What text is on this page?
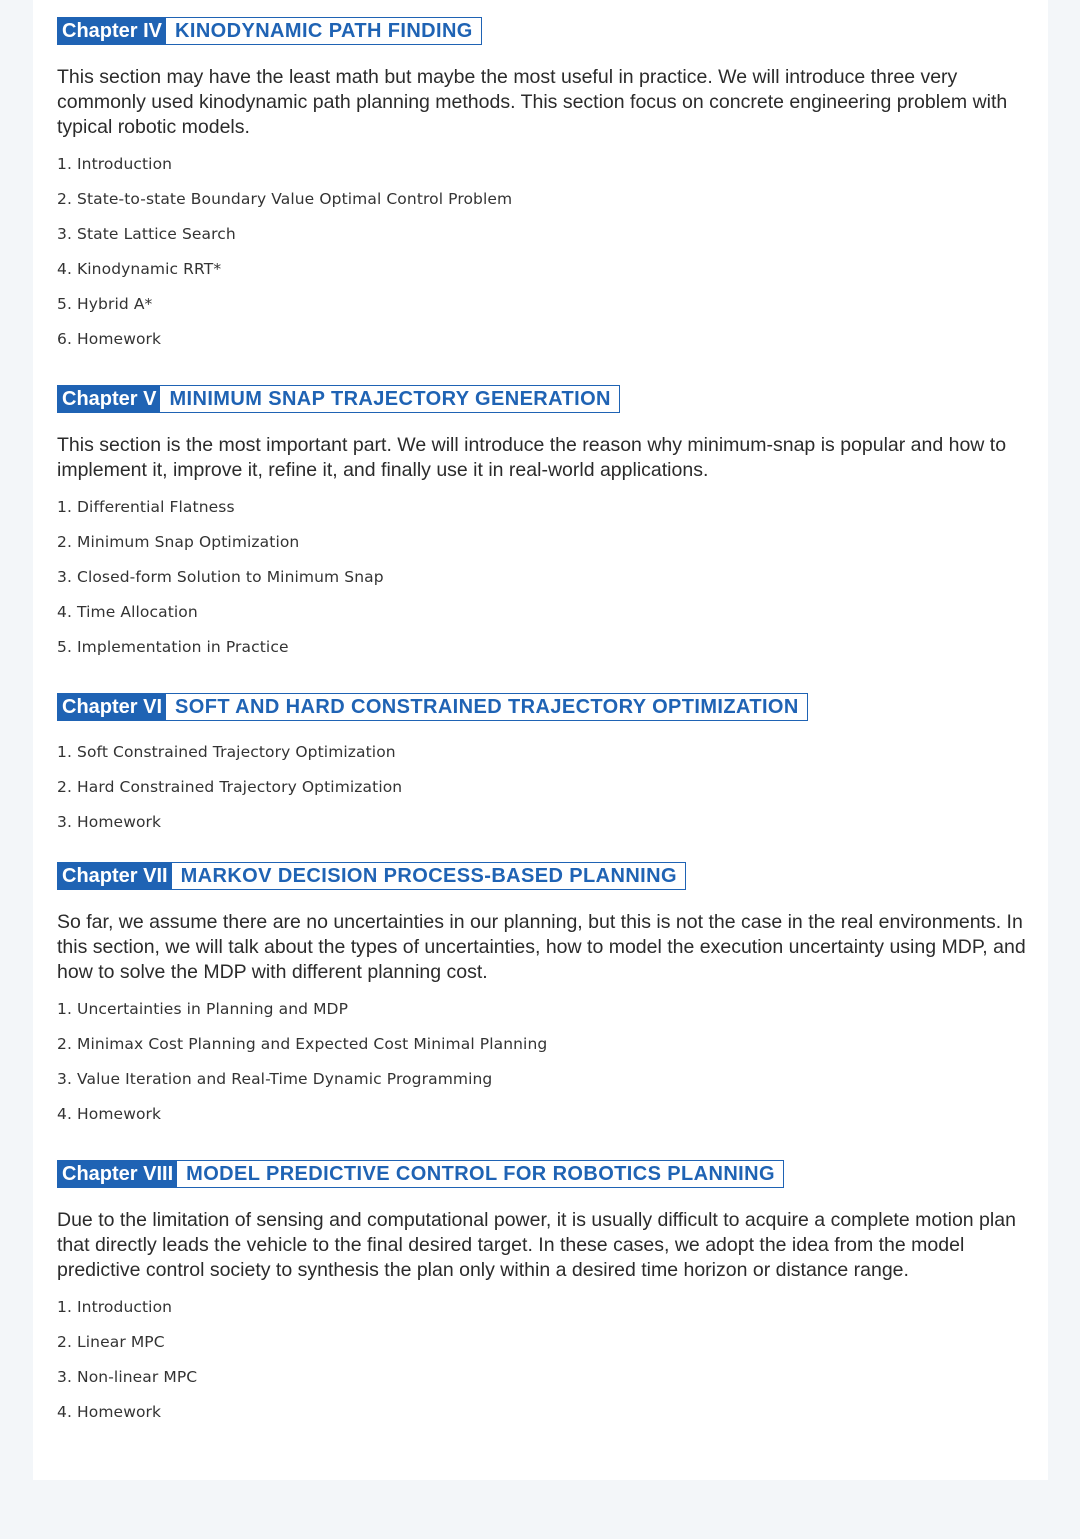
Chapter IV KINODYNAMIC PATH FINDING

This section may have the least math but maybe the most useful in practice. We will introduce three very commonly used kinodynamic path planning methods. This section focus on concrete engineering problem with typical robotic models.

1. Introduction
2. State-to-state Boundary Value Optimal Control Problem
3. State Lattice Search
4. Kinodynamic RRT*
5. Hybrid A*
6. Homework
Chapter V MINIMUM SNAP TRAJECTORY GENERATION

This section is the most important part. We will introduce the reason why minimum-snap is popular and how to implement it, improve it, refine it, and finally use it in real-world applications.

1. Differential Flatness
2. Minimum Snap Optimization
3. Closed-form Solution to Minimum Snap
4. Time Allocation
5. Implementation in Practice
Chapter VI SOFT AND HARD CONSTRAINED TRAJECTORY OPTIMIZATION
1. Soft Constrained Trajectory Optimization
2. Hard Constrained Trajectory Optimization
3. Homework
Chapter VII MARKOV DECISION PROCESS-BASED PLANNING

So far, we assume there are no uncertainties in our planning, but this is not the case in the real environments. In this section, we will talk about the types of uncertainties, how to model the execution uncertainty using MDP, and how to solve the MDP with different planning cost.

1. Uncertainties in Planning and MDP
2. Minimax Cost Planning and Expected Cost Minimal Planning
3. Value Iteration and Real-Time Dynamic Programming
4. Homework
Chapter VIII MODEL PREDICTIVE CONTROL FOR ROBOTICS PLANNING

Due to the limitation of sensing and computational power, it is usually difficult to acquire a complete motion plan that directly leads the vehicle to the final desired target. In these cases, we adopt the idea from the model predictive control society to synthesis the plan only within a desired time horizon or distance range.

1. Introduction
2. Linear MPC
3. Non-linear MPC
4. Homework
